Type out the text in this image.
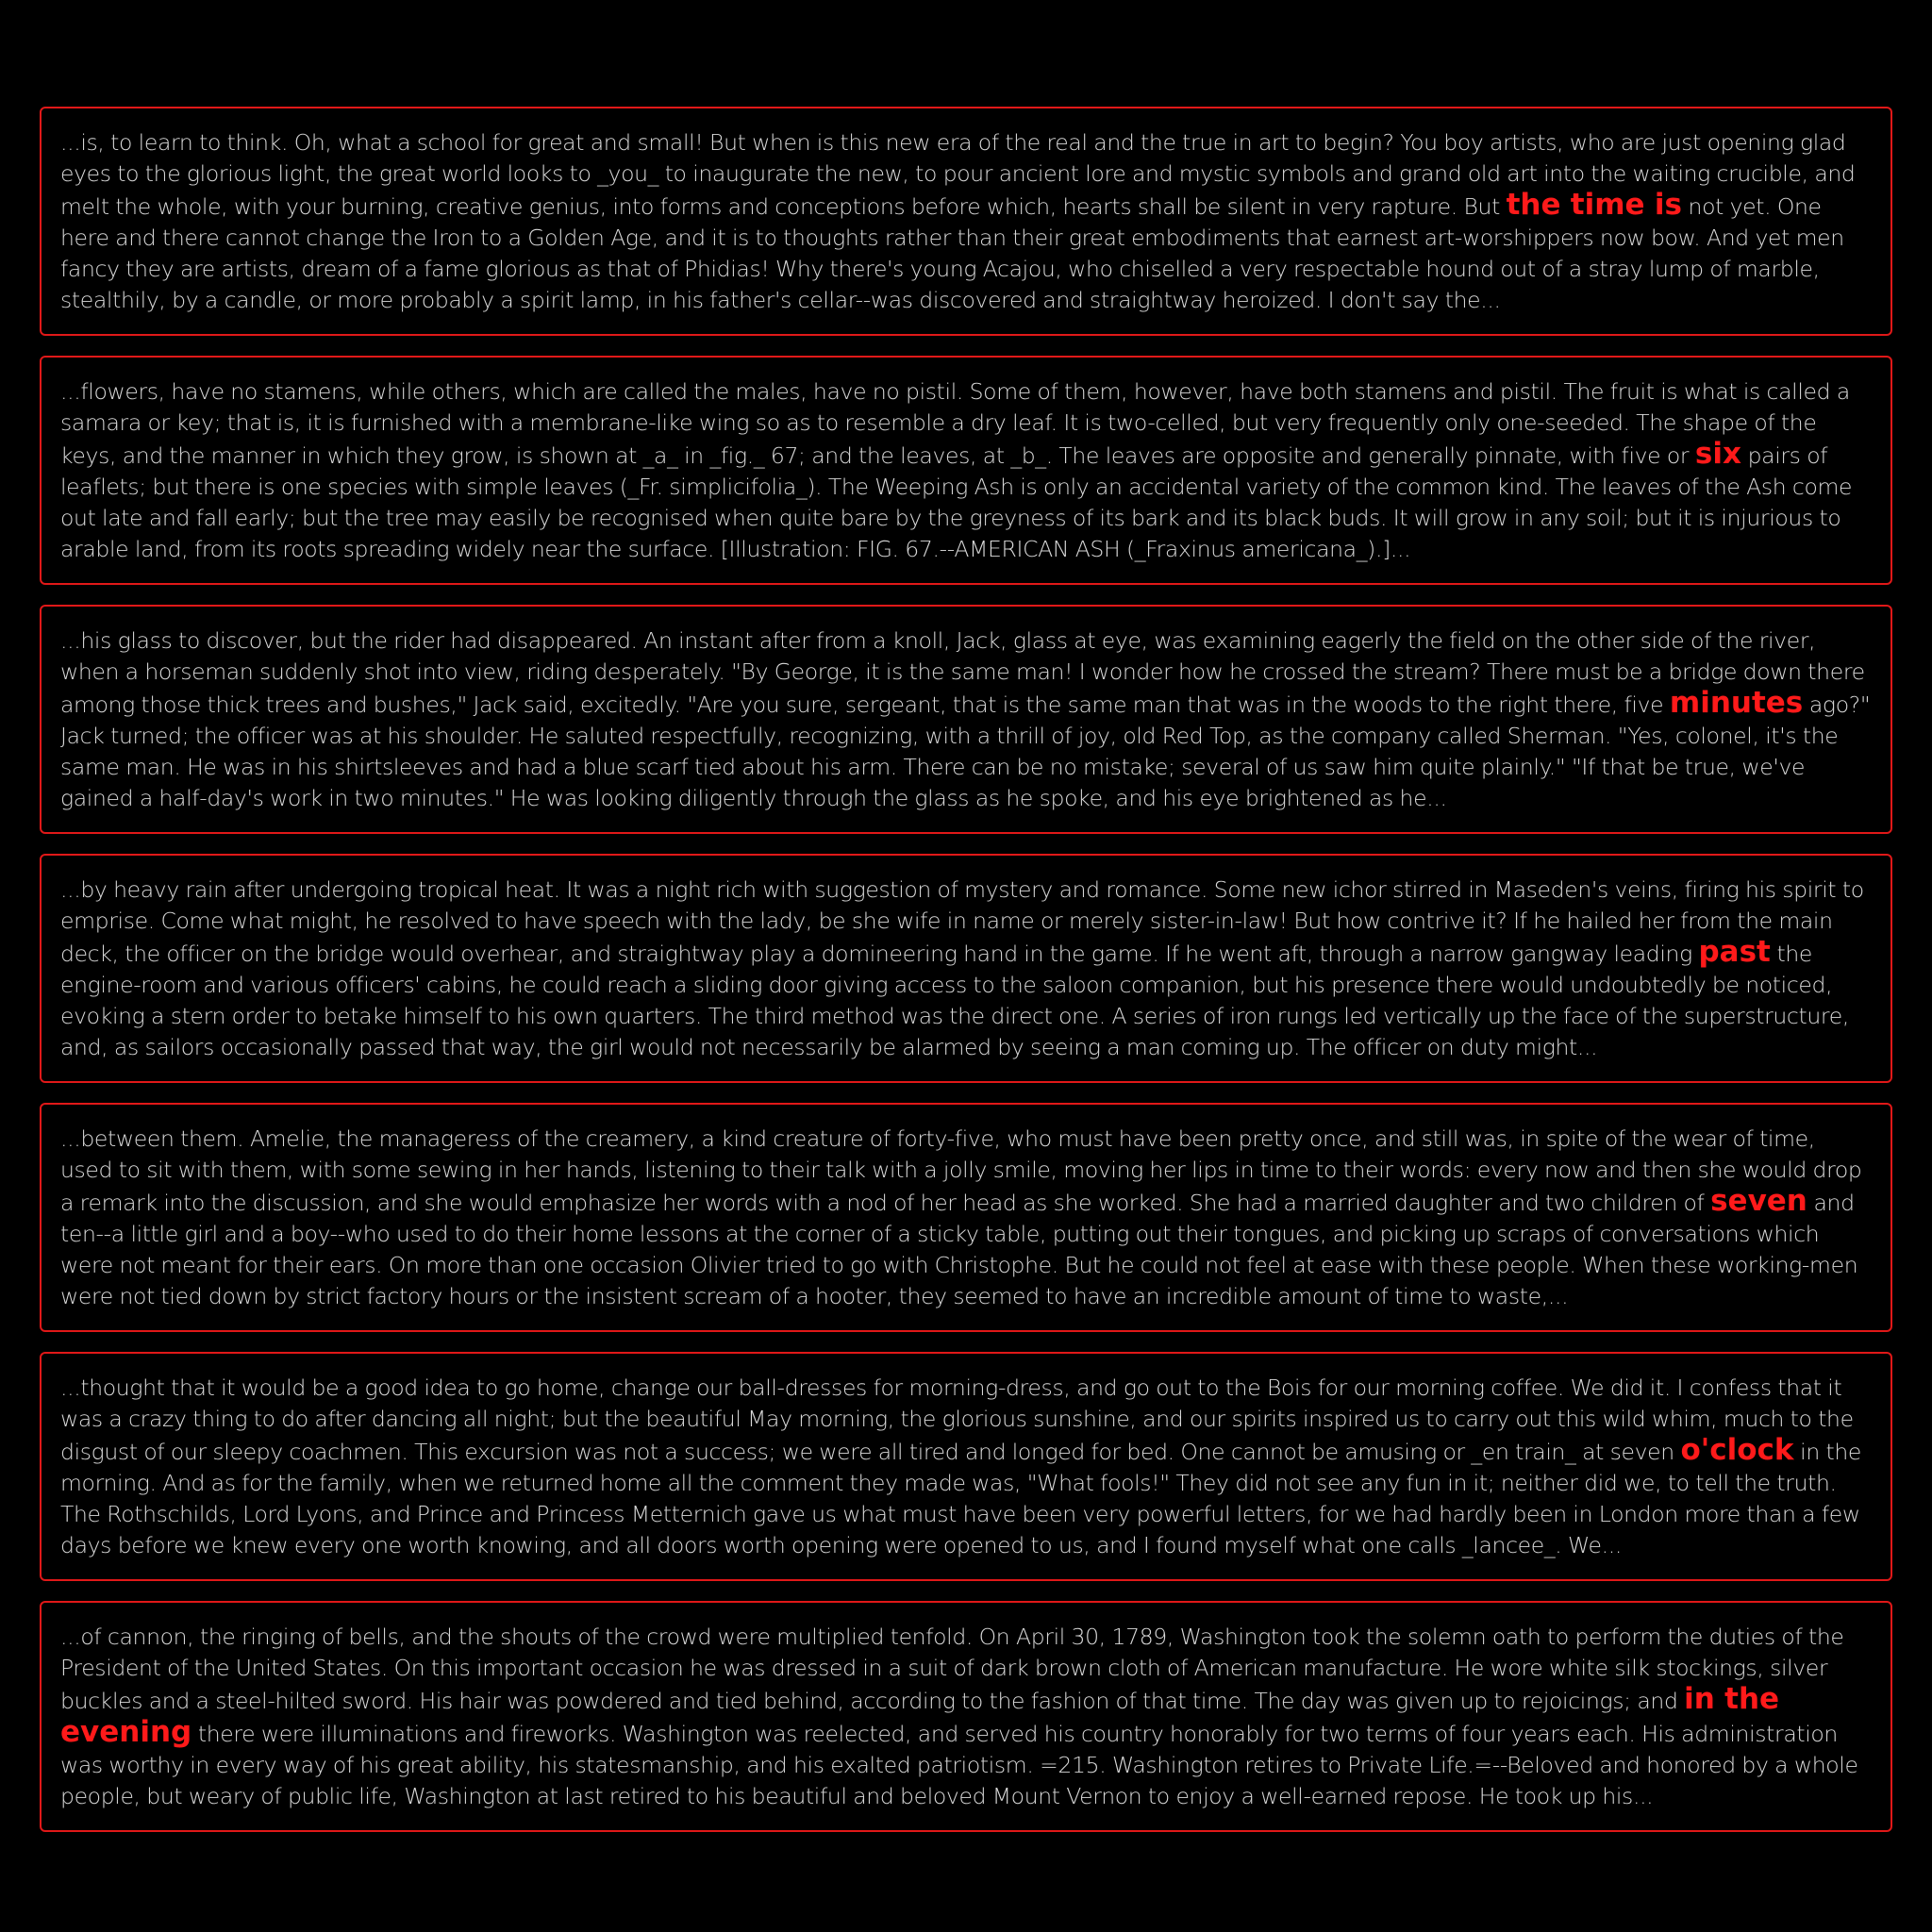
...is, to learn to think. Oh, what a school for great and small! But when is this new era of the real and the true in art to begin? You boy artists, who are just opening glad eyes to the glorious light, the great world looks to _you_ to inaugurate the new, to pour ancient lore and mystic symbols and grand old art into the waiting crucible, and melt the whole, with your burning, creative genius, into forms and conceptions before which, hearts shall be silent in very rapture. But the time is not yet. One here and there cannot change the Iron to a Golden Age, and it is to thoughts rather than their great embodiments that earnest art-worshippers now bow. And yet men fancy they are artists, dream of a fame glorious as that of Phidias! Why there's young Acajou, who chiselled a very respectable hound out of a stray lump of marble, stealthily, by a candle, or more probably a spirit lamp, in his father's cellar--was discovered and straightway heroized. I don't say the...

...flowers, have no stamens, while others, which are called the males, have no pistil. Some of them, however, have both stamens and pistil. The fruit is what is called a samara or key; that is, it is furnished with a membrane-like wing so as to resemble a dry leaf. It is two-celled, but very frequently only one-seeded. The shape of the keys, and the manner in which they grow, is shown at _a_ in _fig._ 67; and the leaves, at _b_. The leaves are opposite and generally pinnate, with five or six pairs of leaflets; but there is one species with simple leaves (_Fr. simplicifolia_). The Weeping Ash is only an accidental variety of the common kind. The leaves of the Ash come out late and fall early; but the tree may easily be recognised when quite bare by the greyness of its bark and its black buds. It will grow in any soil; but it is injurious to arable land, from its roots spreading widely near the surface. [Illustration: FIG. 67.--AMERICAN ASH (_Fraxinus americana_).]...

...his glass to discover, but the rider had disappeared. An instant after from a knoll, Jack, glass at eye, was examining eagerly the field on the other side of the river, when a horseman suddenly shot into view, riding desperately. "By George, it is the same man! I wonder how he crossed the stream? There must be a bridge down there among those thick trees and bushes," Jack said, excitedly. "Are you sure, sergeant, that is the same man that was in the woods to the right there, five minutes ago?" Jack turned; the officer was at his shoulder. He saluted respectfully, recognizing, with a thrill of joy, old Red Top, as the company called Sherman. "Yes, colonel, it's the same man. He was in his shirtsleeves and had a blue scarf tied about his arm. There can be no mistake; several of us saw him quite plainly." "If that be true, we've gained a half-day's work in two minutes." He was looking diligently through the glass as he spoke, and his eye brightened as he...

...by heavy rain after undergoing tropical heat. It was a night rich with suggestion of mystery and romance. Some new ichor stirred in Maseden's veins, firing his spirit to emprise. Come what might, he resolved to have speech with the lady, be she wife in name or merely sister-in-law! But how contrive it? If he hailed her from the main deck, the officer on the bridge would overhear, and straightway play a domineering hand in the game. If he went aft, through a narrow gangway leading past the engine-room and various officers' cabins, he could reach a sliding door giving access to the saloon companion, but his presence there would undoubtedly be noticed, evoking a stern order to betake himself to his own quarters. The third method was the direct one. A series of iron rungs led vertically up the face of the superstructure, and, as sailors occasionally passed that way, the girl would not necessarily be alarmed by seeing a man coming up. The officer on duty might...

...between them. Amelie, the manageress of the creamery, a kind creature of forty-five, who must have been pretty once, and still was, in spite of the wear of time, used to sit with them, with some sewing in her hands, listening to their talk with a jolly smile, moving her lips in time to their words: every now and then she would drop a remark into the discussion, and she would emphasize her words with a nod of her head as she worked. She had a married daughter and two children of seven and ten--a little girl and a boy--who used to do their home lessons at the corner of a sticky table, putting out their tongues, and picking up scraps of conversations which were not meant for their ears. On more than one occasion Olivier tried to go with Christophe. But he could not feel at ease with these people. When these working-men were not tied down by strict factory hours or the insistent scream of a hooter, they seemed to have an incredible amount of time to waste,...

...thought that it would be a good idea to go home, change our ball-dresses for morning-dress, and go out to the Bois for our morning coffee. We did it. I confess that it was a crazy thing to do after dancing all night; but the beautiful May morning, the glorious sunshine, and our spirits inspired us to carry out this wild whim, much to the disgust of our sleepy coachmen. This excursion was not a success; we were all tired and longed for bed. One cannot be amusing or _en train_ at seven o'clock in the morning. And as for the family, when we returned home all the comment they made was, "What fools!" They did not see any fun in it; neither did we, to tell the truth. The Rothschilds, Lord Lyons, and Prince and Princess Metternich gave us what must have been very powerful letters, for we had hardly been in London more than a few days before we knew every one worth knowing, and all doors worth opening were opened to us, and I found myself what one calls _lancee_. We...

...of cannon, the ringing of bells, and the shouts of the crowd were multiplied tenfold. On April 30, 1789, Washington took the solemn oath to perform the duties of the President of the United States. On this important occasion he was dressed in a suit of dark brown cloth of American manufacture. He wore white silk stockings, silver buckles and a steel-hilted sword. His hair was powdered and tied behind, according to the fashion of that time. The day was given up to rejoicings; and in the evening there were illuminations and fireworks. Washington was reelected, and served his country honorably for two terms of four years each. His administration was worthy in every way of his great ability, his statesmanship, and his exalted patriotism. =215. Washington retires to Private Life.=--Beloved and honored by a whole people, but weary of public life, Washington at last retired to his beautiful and beloved Mount Vernon to enjoy a well-earned repose. He took up his...
